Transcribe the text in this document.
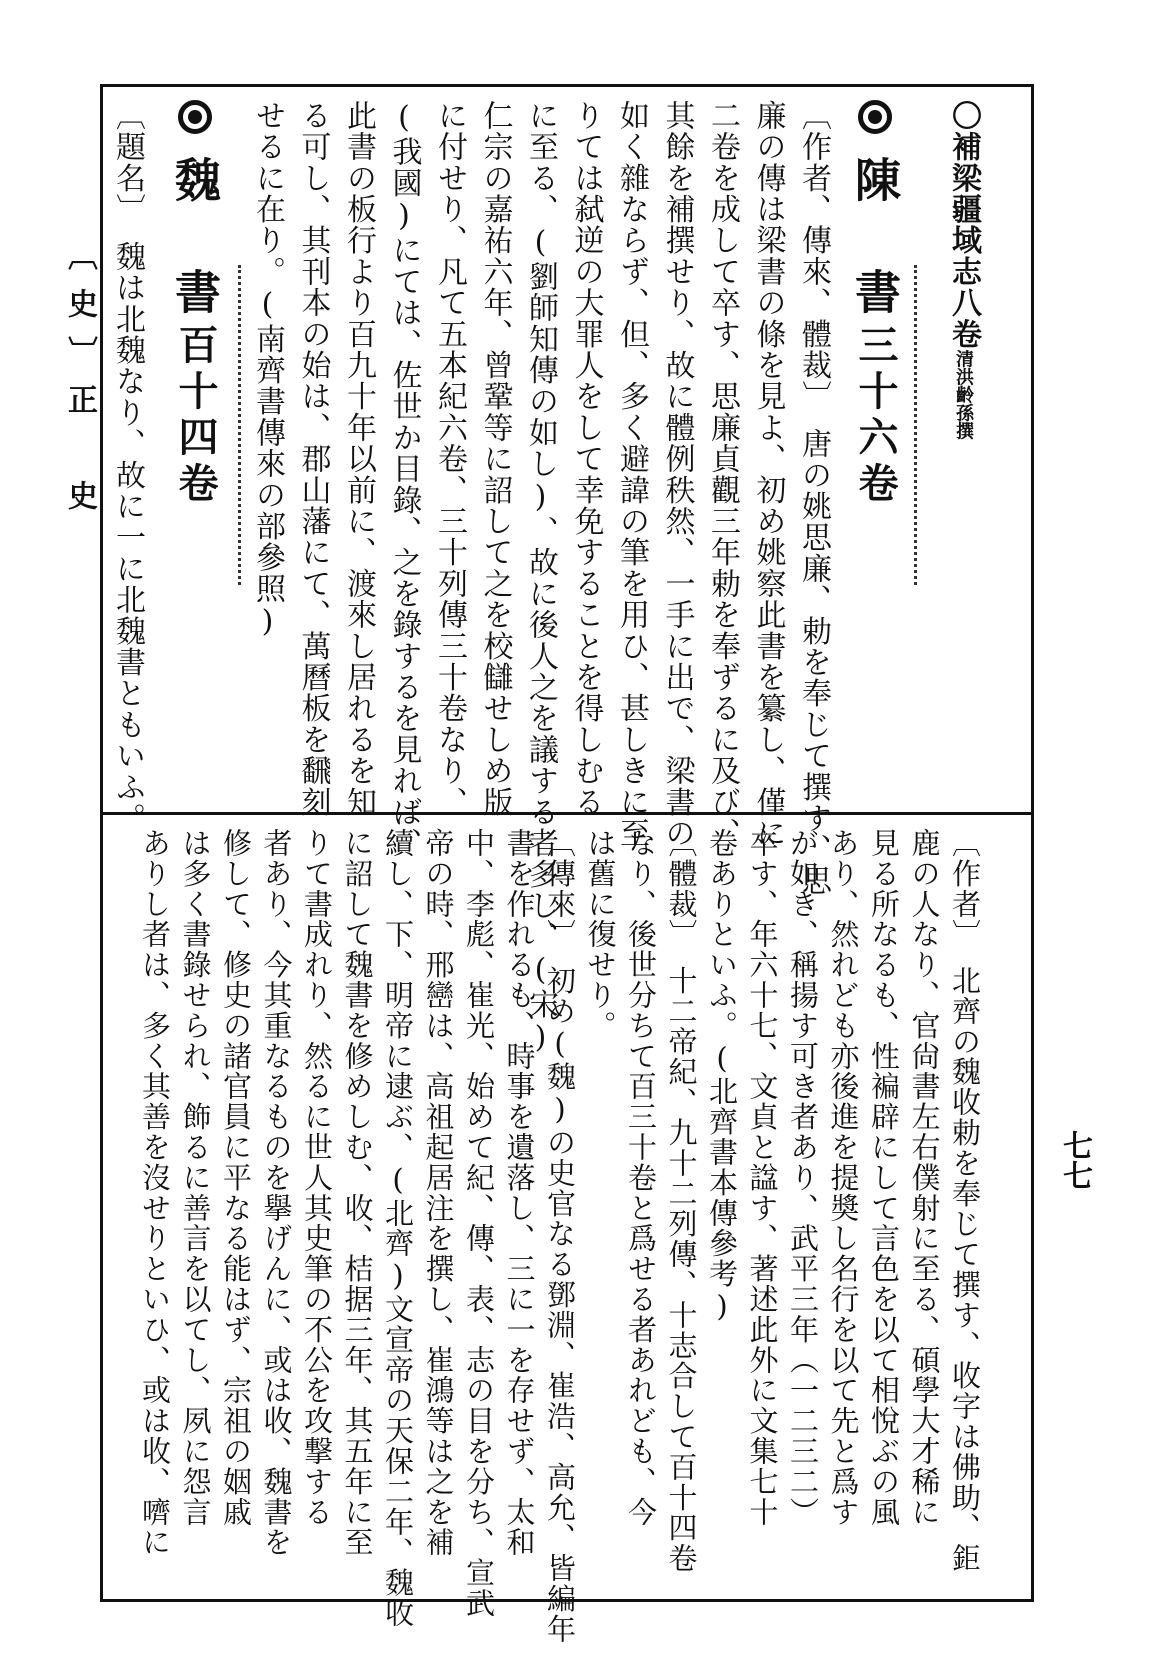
〔史〕正　史
七七
〇補梁疆域志八卷清洪齡孫撰
陳　書三十六卷
〔作者、傳來、體裁〕　唐の姚思廉、勅を奉じて撰す、思
廉の傳は梁書の條を見よ、初め姚察此書を纂し、僅に
二卷を成して卒す、思廉貞觀三年勅を奉ずるに及び、
其餘を補撰せり、故に體例秩然、一手に出で、梁書の
如く雜ならず、但、多く避諱の筆を用ひ、甚しきに至
りては弑逆の大罪人をして幸免することを得しむる
に至る、(劉師知傳の如し)、故に後人之を議する者多し、(宋)
仁宗の嘉祐六年、曾鞏等に詔して之を校讎せしめ版
に付せり、凡て五本紀六卷、三十列傳三十卷なり、
(我國)にては、佐世か目錄、之を錄するを見れば、
此書の板行より百九十年以前に、渡來し居れるを知
る可し、其刊本の始は、郡山藩にて、萬曆板を飜刻
せるに在り。(南齊書傳來の部參照)
魏　書百十四卷
〔題名〕　魏は北魏なり、故に一に北魏書ともいふ。
〔作者〕　北齊の魏收勅を奉じて撰す、收字は佛助、鉅
鹿の人なり、官尙書左右僕射に至る、碩學大才稀に
見る所なるも、性褊辟にして言色を以て相悅ぶの風
あり、然れども亦後進を提奬し名行を以て先と爲す
が如き、稱揚す可き者あり、武平三年（一二三二）
卒す、年六十七、文貞と諡す、著述此外に文集七十
卷ありといふ。(北齊書本傳參考)
〔體裁〕　十二帝紀、九十二列傳、十志合して百十四卷
なり、後世分ちて百三十卷と爲せる者あれども、今
は舊に復せり。
〔傳來〕　初め(魏)の史官なる鄧淵、崔浩、高允、皆編年
書を作れるも、時事を遺落し、三に一を存せず、太和
中、李彪、崔光、始めて紀、傳、表、志の目を分ち、宣武
帝の時、邢巒は、高祖起居注を撰し、崔鴻等は之を補
續し、下、明帝に逮ぶ、(北齊)文宣帝の天保二年、魏收
に詔して魏書を修めしむ、收、桔据三年、其五年に至
りて書成れり、然るに世人其史筆の不公を攻撃する
者あり、今其重なるものを擧げんに、或は收、魏書を
修して、修史の諸官員に平なる能はず、宗祖の姻戚
は多く書錄せられ、飾るに善言を以てし、夙に怨言
ありし者は、多く其善を沒せりといひ、或は收、嚌に
